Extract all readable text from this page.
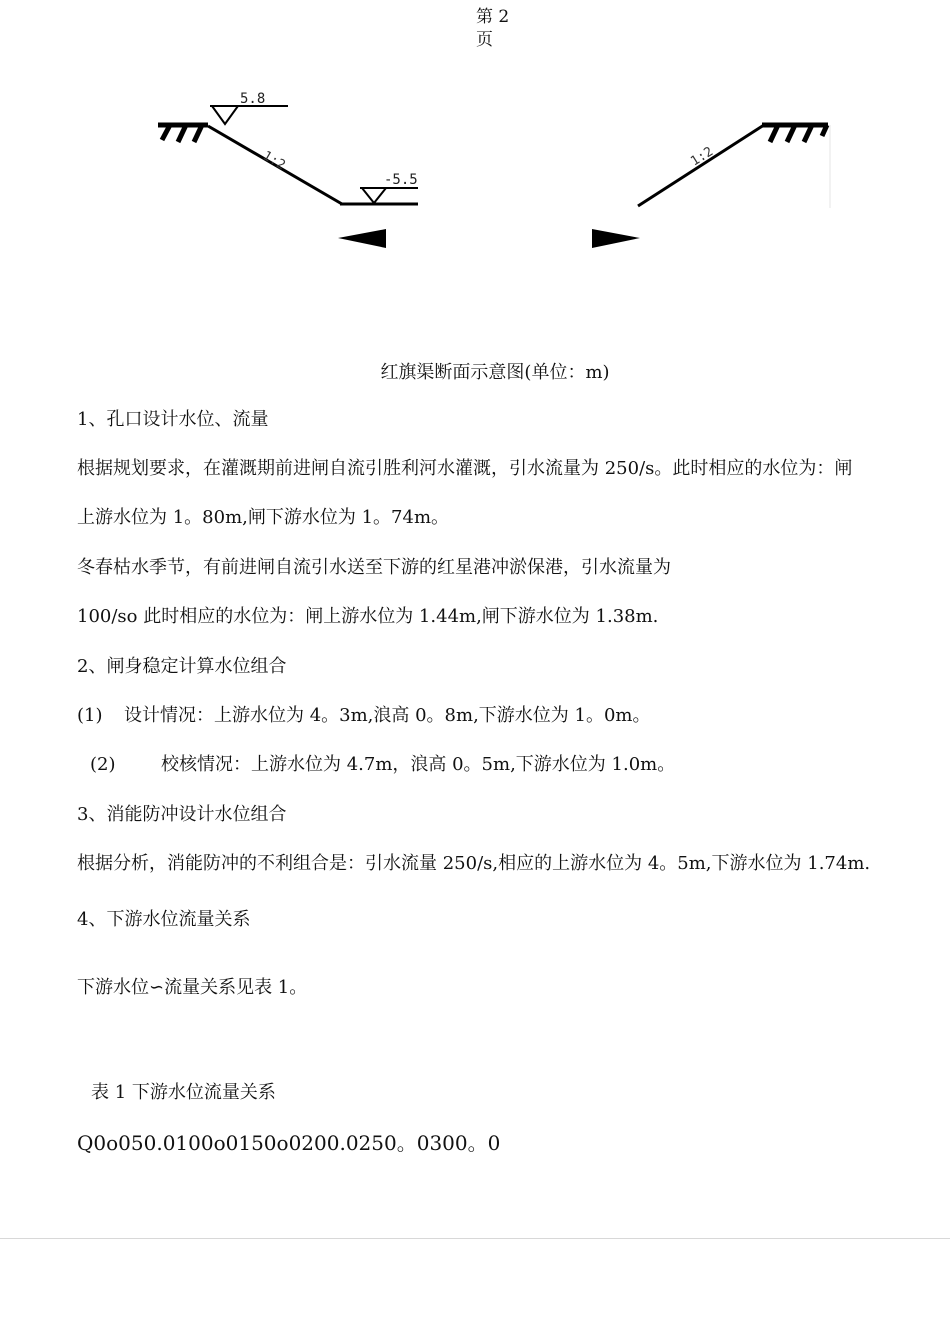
第 2
页
5.8
1:2
-5.5
1:2
红旗渠断面示意图(单位：m)
1、孔口设计水位、流量
根据规划要求，在灌溉期前进闸自流引胜利河水灌溉，引水流量为 250/s。此时相应的水位为：闸
上游水位为 1。80m,闸下游水位为 1。74m。
冬春枯水季节，有前进闸自流引水送至下游的红星港冲淤保港，引水流量为
100/so 此时相应的水位为：闸上游水位为 1.44m,闸下游水位为 1.38m.
2、闸身稳定计算水位组合
(1) 设计情况：上游水位为 4。3m,浪高 0。8m,下游水位为 1。0m。
(2)	校核情况：上游水位为 4.7m，浪高 0。5m,下游水位为 1.0m。
3、消能防冲设计水位组合
根据分析，消能防冲的不利组合是：引水流量 250/s,相应的上游水位为 4。5m,下游水位为 1.74m.
4、下游水位流量关系
下游水位∽流量关系见表 1。
表 1 下游水位流量关系
Q0o050.0100o0150o0200.0250。0300。0
